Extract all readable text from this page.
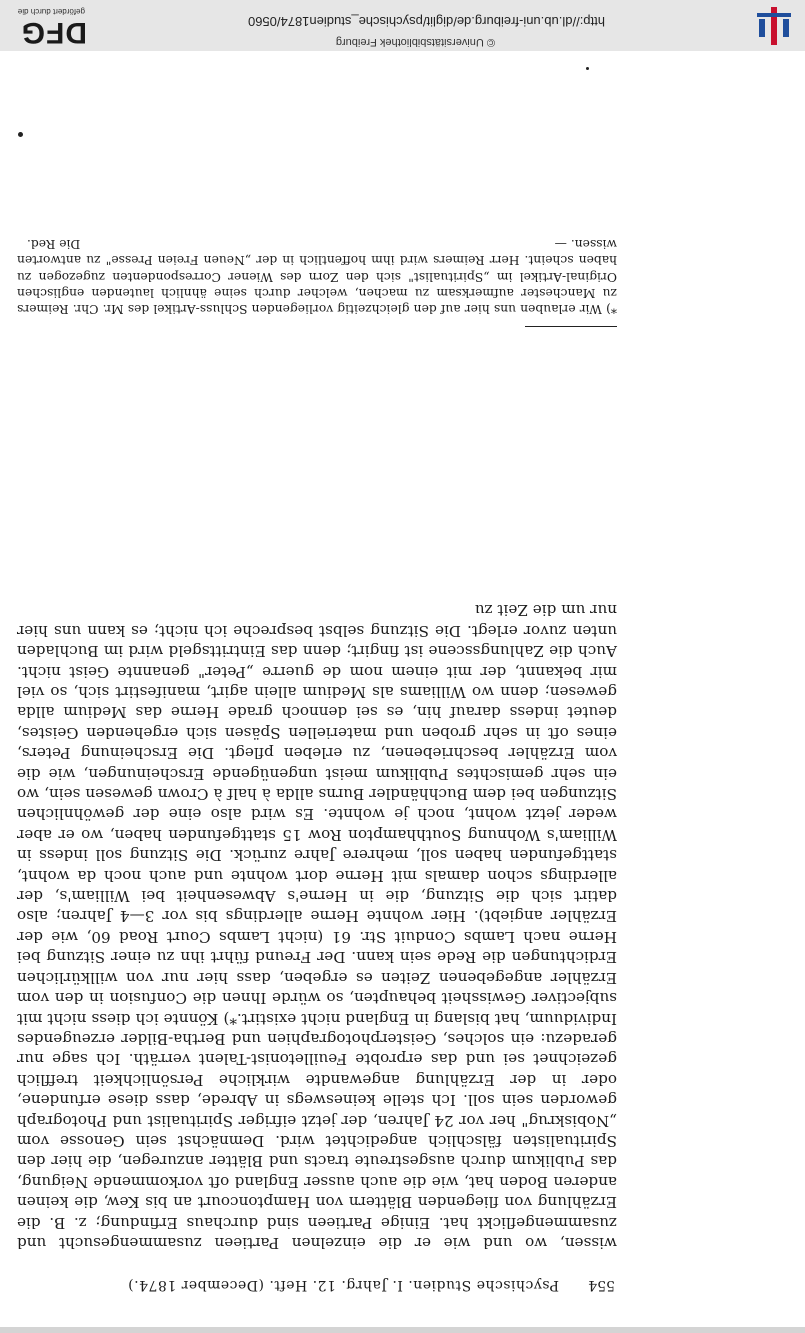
554
Psychische Studien. I. Jahrg. 12. Heft. (December 1874.)

wissen, wo und wie er die einzelnen Partieen zusammengesucht und zusammengeflickt hat. Einige Partieen sind durchaus Erfindung; z. B. die Erzählung von fliegenden Blättern von Hamptoncourt an bis Kew, die keinen anderen Boden hat, wie die auch ausser England oft vorkommende Neigung, das Publikum durch ausgestreute tracts und Blätter anzuregen, die hier den Spiritualisten fälschlich angedichtet wird. Demnächst sein Genosse vom „Nobiskrug" her vor 24 Jahren, der jetzt eifriger Spiritualist und Photograph geworden sein soll. Ich stelle keineswegs in Abrede, dass diese erfundene, oder in der Erzählung angewandte wirkliche Persönlichkeit trefflich gezeichnet sei und das erprobte Feuilletonist-Talent verräth. Ich sage nur geradezu: ein solches, Geisterphotographien und Bertha-Bilder erzeugendes Individuum, hat bislang in England nicht existirt.*) Könnte ich diess nicht mit subjectiver Gewissheit behaupten, so würde Ihnen die Confusion in den vom Erzähler angegebenen Zeiten es ergeben, dass hier nur von willkürlichen Erdichtungen die Rede sein kann. Der Freund führt ihn zu einer Sitzung bei Herne nach Lambs Conduit Str. 61 (nicht Lambs Court Road 60, wie der Erzähler angiebt). Hier wohnte Herne allerdings bis vor 3—4 Jahren; also datirt sich die Sitzung, die in Herne's Abwesenheit bei William's, der allerdings schon damals mit Herne dort wohnte und auch noch da wohnt, stattgefunden haben soll, mehrere Jahre zurück. Die Sitzung soll indess in William's Wohnung Southhampton Row 15 stattgefunden haben, wo er aber weder jetzt wohnt, noch je wohnte. Es wird also eine der gewöhnlichen Sitzungen bei dem Buchhändler Burns allda à half à Crown gewesen sein, wo ein sehr gemischtes Publikum meist ungenügende Erscheinungen, wie die vom Erzähler beschriebenen, zu erleben pflegt. Die Erscheinung Peters, eines oft in sehr groben und materiellen Späsen sich ergehenden Geistes, deutet indess darauf hin, es sei dennoch grade Herne das Medium allda gewesen; denn wo Williams als Medium allein agirt, manifestirt sich, so viel mir bekannt, der mit einem nom de guerre „Peter" genannte Geist nicht. Auch die Zahlungsscene ist fingirt; denn das Eintrittsgeld wird im Buchladen unten zuvor erlegt. Die Sitzung selbst bespreche ich nicht; es kann uns hier nur um die Zeit zu

*) Wir erlauben uns hier auf den gleichzeitig vorliegenden Schluss-Artikel des Mr. Chr. Reimers zu Manchester aufmerksam zu machen, welcher durch seine ähnlich lautenden englischen Original-Artikel im „Spiritualist" sich den Zorn des Wiener Correspondenten zugezogen zu haben scheint. Herr Reimers wird ihm hoffentlich in der „Neuen Freien Presse" zu antworten wissen. —

Die Red.
http://dl.ub.uni-freiburg.de/diglit/psychische_studien1874/0560
© Universitätsbibliothek Freiburg
DFG
gefördert durch die
